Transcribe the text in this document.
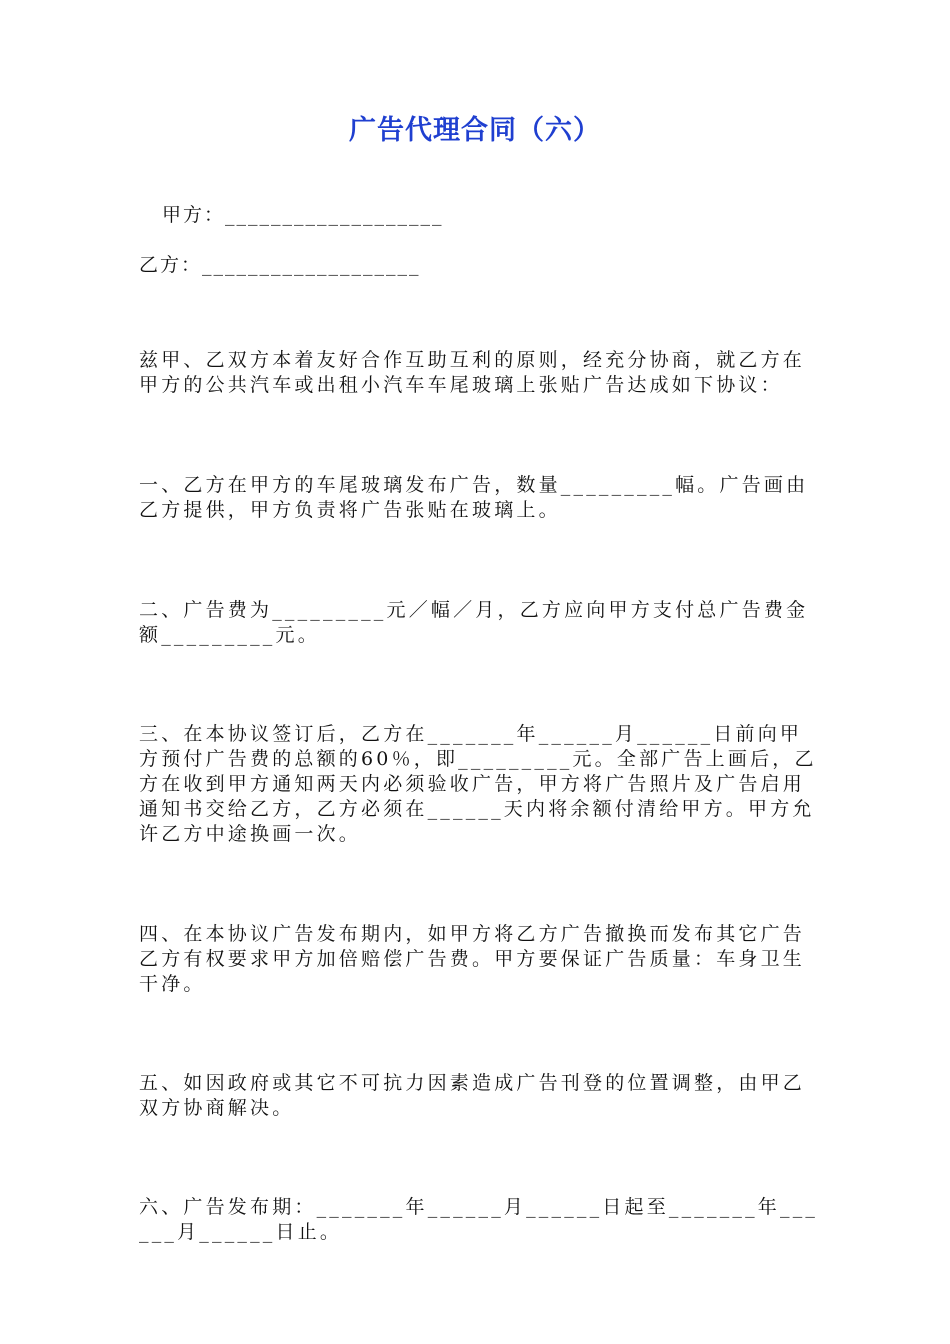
广告代理合同（六）
甲方：___________________
乙方：___________________
兹甲、乙双方本着友好合作互助互利的原则，经充分协商，就乙方在甲方的公共汽车或出租小汽车车尾玻璃上张贴广告达成如下协议：
一、乙方在甲方的车尾玻璃发布广告，数量_________幅。广告画由乙方提供，甲方负责将广告张贴在玻璃上。
二、广告费为_________元／幅／月，乙方应向甲方支付总广告费金额_________元。
三、在本协议签订后，乙方在_______年______月______日前向甲方预付广告费的总额的60％，即_________元。全部广告上画后，乙方在收到甲方通知两天内必须验收广告，甲方将广告照片及广告启用通知书交给乙方，乙方必须在______天内将余额付清给甲方。甲方允许乙方中途换画一次。
四、在本协议广告发布期内，如甲方将乙方广告撤换而发布其它广告乙方有权要求甲方加倍赔偿广告费。甲方要保证广告质量：车身卫生干净。
五、如因政府或其它不可抗力因素造成广告刊登的位置调整，由甲乙双方协商解决。
六、广告发布期：_______年______月______日起至_______年______月______日止。
